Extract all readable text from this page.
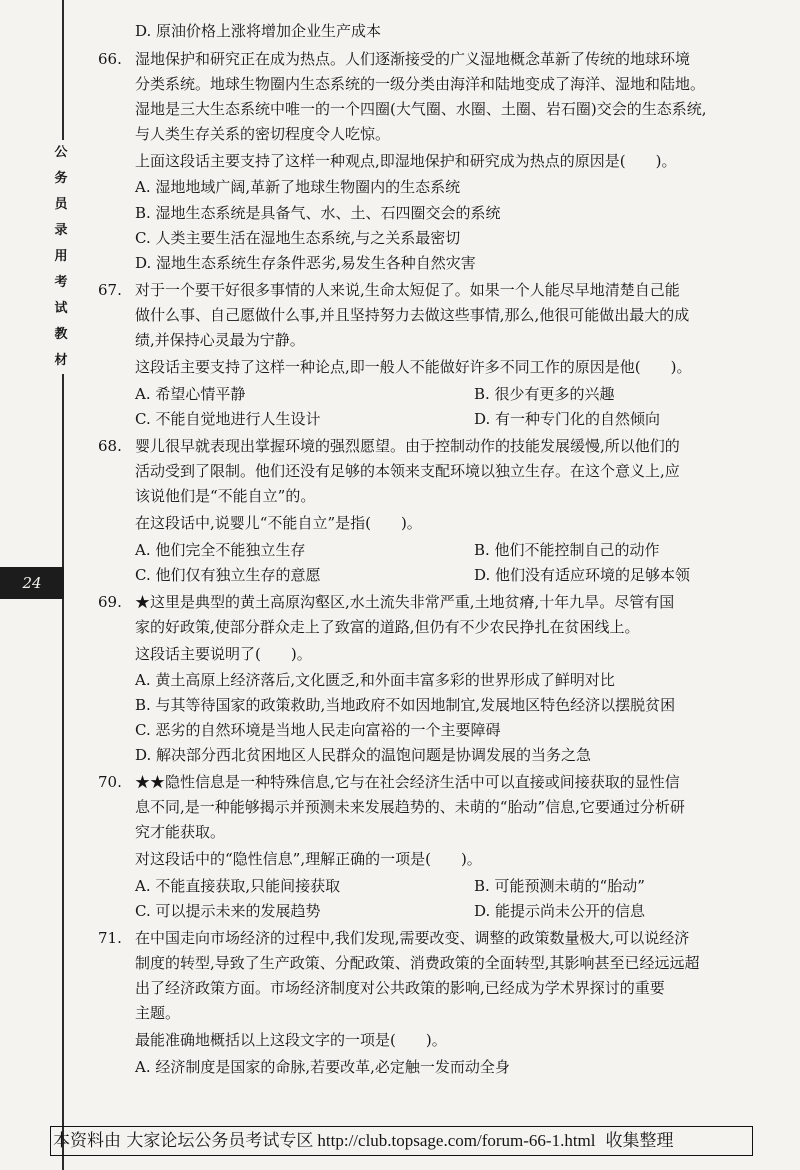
公
务
员
录
用
考
试
教
材
24
D. 原油价格上涨将增加企业生产成本
66. 湿地保护和研究正在成为热点。人们逐渐接受的广义湿地概念革新了传统的地球环境
分类系统。地球生物圈内生态系统的一级分类由海洋和陆地变成了海洋、湿地和陆地。
湿地是三大生态系统中唯一的一个四圈(大气圈、水圈、土圈、岩石圈)交会的生态系统,
与人类生存关系的密切程度令人吃惊。
上面这段话主要支持了这样一种观点,即湿地保护和研究成为热点的原因是(　　)。
A. 湿地地域广阔,革新了地球生物圈内的生态系统
B. 湿地生态系统是具备气、水、土、石四圈交会的系统
C. 人类主要生活在湿地生态系统,与之关系最密切
D. 湿地生态系统生存条件恶劣,易发生各种自然灾害
67. 对于一个要干好很多事情的人来说,生命太短促了。如果一个人能尽早地清楚自己能
做什么事、自己愿做什么事,并且坚持努力去做这些事情,那么,他很可能做出最大的成
绩,并保持心灵最为宁静。
这段话主要支持了这样一种论点,即一般人不能做好许多不同工作的原因是他(　　)。
A. 希望心情平静	B. 很少有更多的兴趣
C. 不能自觉地进行人生设计	D. 有一种专门化的自然倾向
68. 婴儿很早就表现出掌握环境的强烈愿望。由于控制动作的技能发展缓慢,所以他们的
活动受到了限制。他们还没有足够的本领来支配环境以独立生存。在这个意义上,应
该说他们是“不能自立”的。
在这段话中,说婴儿“不能自立”是指(　　)。
A. 他们完全不能独立生存	B. 他们不能控制自己的动作
C. 他们仅有独立生存的意愿	D. 他们没有适应环境的足够本领
69. ★这里是典型的黄土高原沟壑区,水土流失非常严重,土地贫瘠,十年九旱。尽管有国
家的好政策,使部分群众走上了致富的道路,但仍有不少农民挣扎在贫困线上。
这段话主要说明了(　　)。
A. 黄土高原上经济落后,文化匮乏,和外面丰富多彩的世界形成了鲜明对比
B. 与其等待国家的政策救助,当地政府不如因地制宜,发展地区特色经济以摆脱贫困
C. 恶劣的自然环境是当地人民走向富裕的一个主要障碍
D. 解决部分西北贫困地区人民群众的温饱问题是协调发展的当务之急
70. ★★隐性信息是一种特殊信息,它与在社会经济生活中可以直接或间接获取的显性信
息不同,是一种能够揭示并预测未来发展趋势的、未萌的“胎动”信息,它要通过分析研
究才能获取。
对这段话中的“隐性信息”,理解正确的一项是(　　)。
A. 不能直接获取,只能间接获取	B. 可能预测未萌的“胎动”
C. 可以提示未来的发展趋势	D. 能提示尚未公开的信息
71. 在中国走向市场经济的过程中,我们发现,需要改变、调整的政策数量极大,可以说经济
制度的转型,导致了生产政策、分配政策、消费政策的全面转型,其影响甚至已经远远超
出了经济政策方面。市场经济制度对公共政策的影响,已经成为学术界探讨的重要
主题。
最能准确地概括以上这段文字的一项是(　　)。
A. 经济制度是国家的命脉,若要改革,必定触一发而动全身
本资料由 大家论坛公务员考试专区 http://club.topsage.com/forum-66-1.html 收集整理
